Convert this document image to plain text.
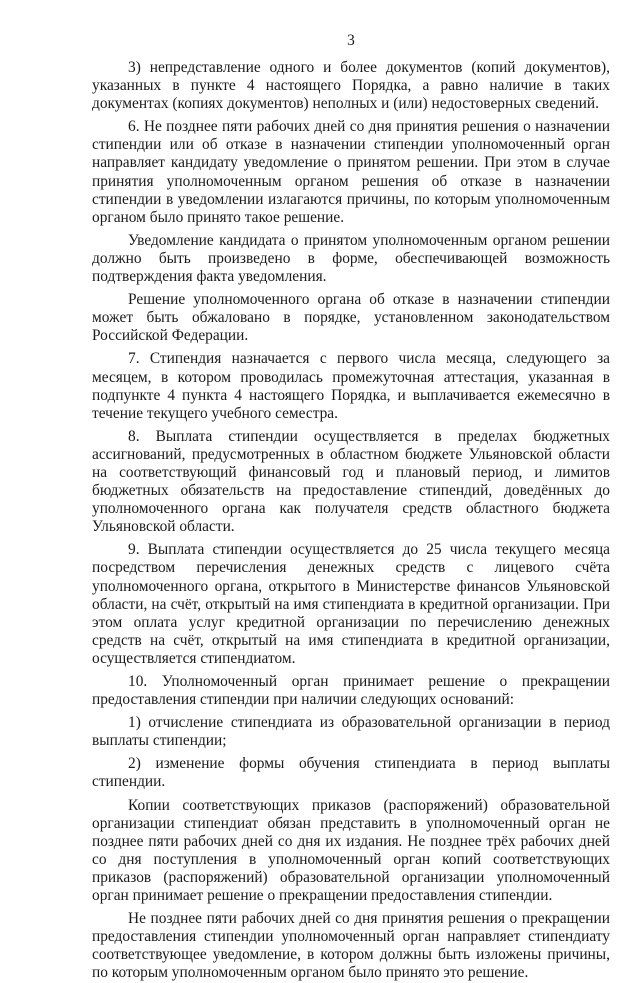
3

3) непредставление одного и более документов (копий документов), указанных в пункте 4 настоящего Порядка, а равно наличие в таких документах (копиях документов) неполных и (или) недостоверных сведений.

6. Не позднее пяти рабочих дней со дня принятия решения о назначении стипендии или об отказе в назначении стипендии уполномоченный орган направляет кандидату уведомление о принятом решении. При этом в случае принятия уполномоченным органом решения об отказе в назначении стипендии в уведомлении излагаются причины, по которым уполномоченным органом было принято такое решение.

Уведомление кандидата о принятом уполномоченным органом решении должно быть произведено в форме, обеспечивающей возможность подтверждения факта уведомления.

Решение уполномоченного органа об отказе в назначении стипендии может быть обжаловано в порядке, установленном законодательством Российской Федерации.

7. Стипендия назначается с первого числа месяца, следующего за месяцем, в котором проводилась промежуточная аттестация, указанная в подпункте 4 пункта 4 настоящего Порядка, и выплачивается ежемесячно в течение текущего учебного семестра.

8. Выплата стипендии осуществляется в пределах бюджетных ассигнований, предусмотренных в областном бюджете Ульяновской области на соответствующий финансовый год и плановый период, и лимитов бюджетных обязательств на предоставление стипендий, доведённых до уполномоченного органа как получателя средств областного бюджета Ульяновской области.

9. Выплата стипендии осуществляется до 25 числа текущего месяца посредством перечисления денежных средств с лицевого счёта уполномоченного органа, открытого в Министерстве финансов Ульяновской области, на счёт, открытый на имя стипендиата в кредитной организации. При этом оплата услуг кредитной организации по перечислению денежных средств на счёт, открытый на имя стипендиата в кредитной организации, осуществляется стипендиатом.

10. Уполномоченный орган принимает решение о прекращении предоставления стипендии при наличии следующих оснований:

1) отчисление стипендиата из образовательной организации в период выплаты стипендии;

2) изменение формы обучения стипендиата в период выплаты стипендии.

Копии соответствующих приказов (распоряжений) образовательной организации стипендиат обязан представить в уполномоченный орган не позднее пяти рабочих дней со дня их издания. Не позднее трёх рабочих дней со дня поступления в уполномоченный орган копий соответствующих приказов (распоряжений) образовательной организации уполномоченный орган принимает решение о прекращении предоставления стипендии.

Не позднее пяти рабочих дней со дня принятия решения о прекращении предоставления стипендии уполномоченный орган направляет стипендиату соответствующее уведомление, в котором должны быть изложены причины, по которым уполномоченным органом было принято это решение.
